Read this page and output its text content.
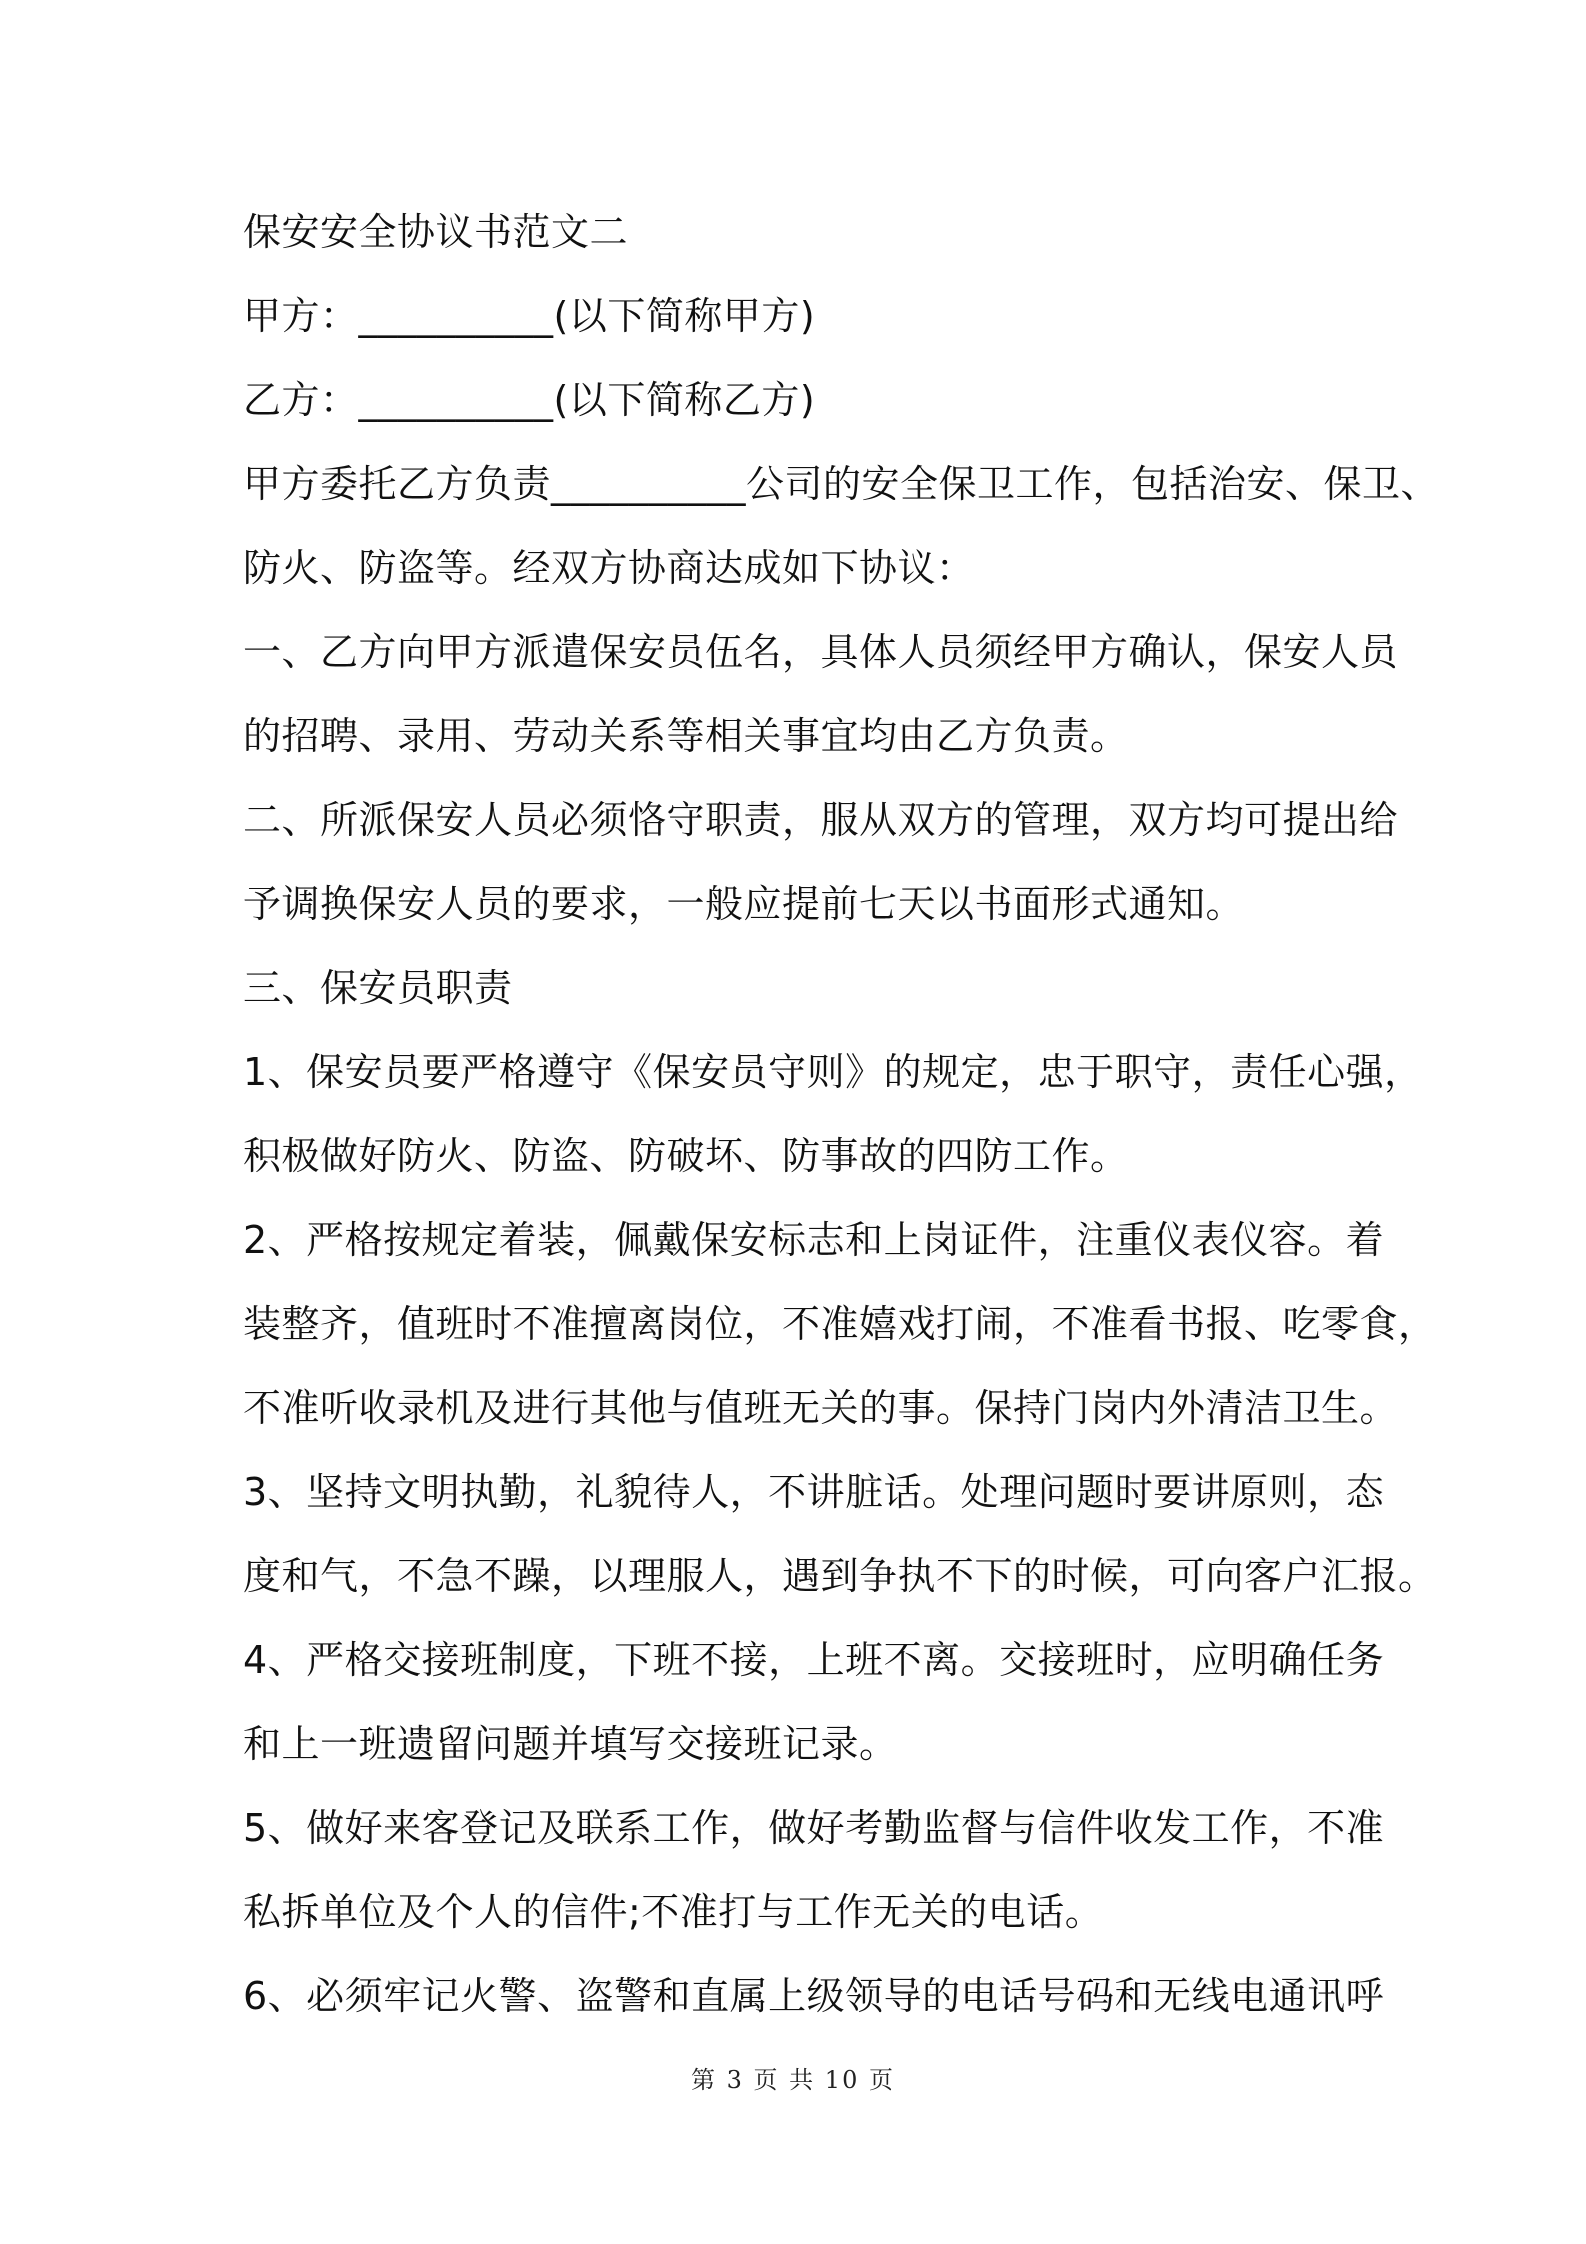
保安安全协议书范文二
甲方：__________(以下简称甲方)
乙方：__________(以下简称乙方)
甲方委托乙方负责__________公司的安全保卫工作，包括治安、保卫、
防火、防盗等。经双方协商达成如下协议：
一、乙方向甲方派遣保安员伍名，具体人员须经甲方确认，保安人员
的招聘、录用、劳动关系等相关事宜均由乙方负责。
二、所派保安人员必须恪守职责，服从双方的管理，双方均可提出给
予调换保安人员的要求，一般应提前七天以书面形式通知。
三、保安员职责
1、保安员要严格遵守《保安员守则》的规定，忠于职守，责任心强，
积极做好防火、防盗、防破坏、防事故的四防工作。
2、严格按规定着装，佩戴保安标志和上岗证件，注重仪表仪容。着
装整齐，值班时不准擅离岗位，不准嬉戏打闹，不准看书报、吃零食，
不准听收录机及进行其他与值班无关的事。保持门岗内外清洁卫生。
3、坚持文明执勤，礼貌待人，不讲脏话。处理问题时要讲原则，态
度和气，不急不躁，以理服人，遇到争执不下的时候，可向客户汇报。
4、严格交接班制度，下班不接，上班不离。交接班时，应明确任务
和上一班遗留问题并填写交接班记录。
5、做好来客登记及联系工作，做好考勤监督与信件收发工作，不准
私拆单位及个人的信件;不准打与工作无关的电话。
6、必须牢记火警、盗警和直属上级领导的电话号码和无线电通讯呼
第 3 页 共 10 页
